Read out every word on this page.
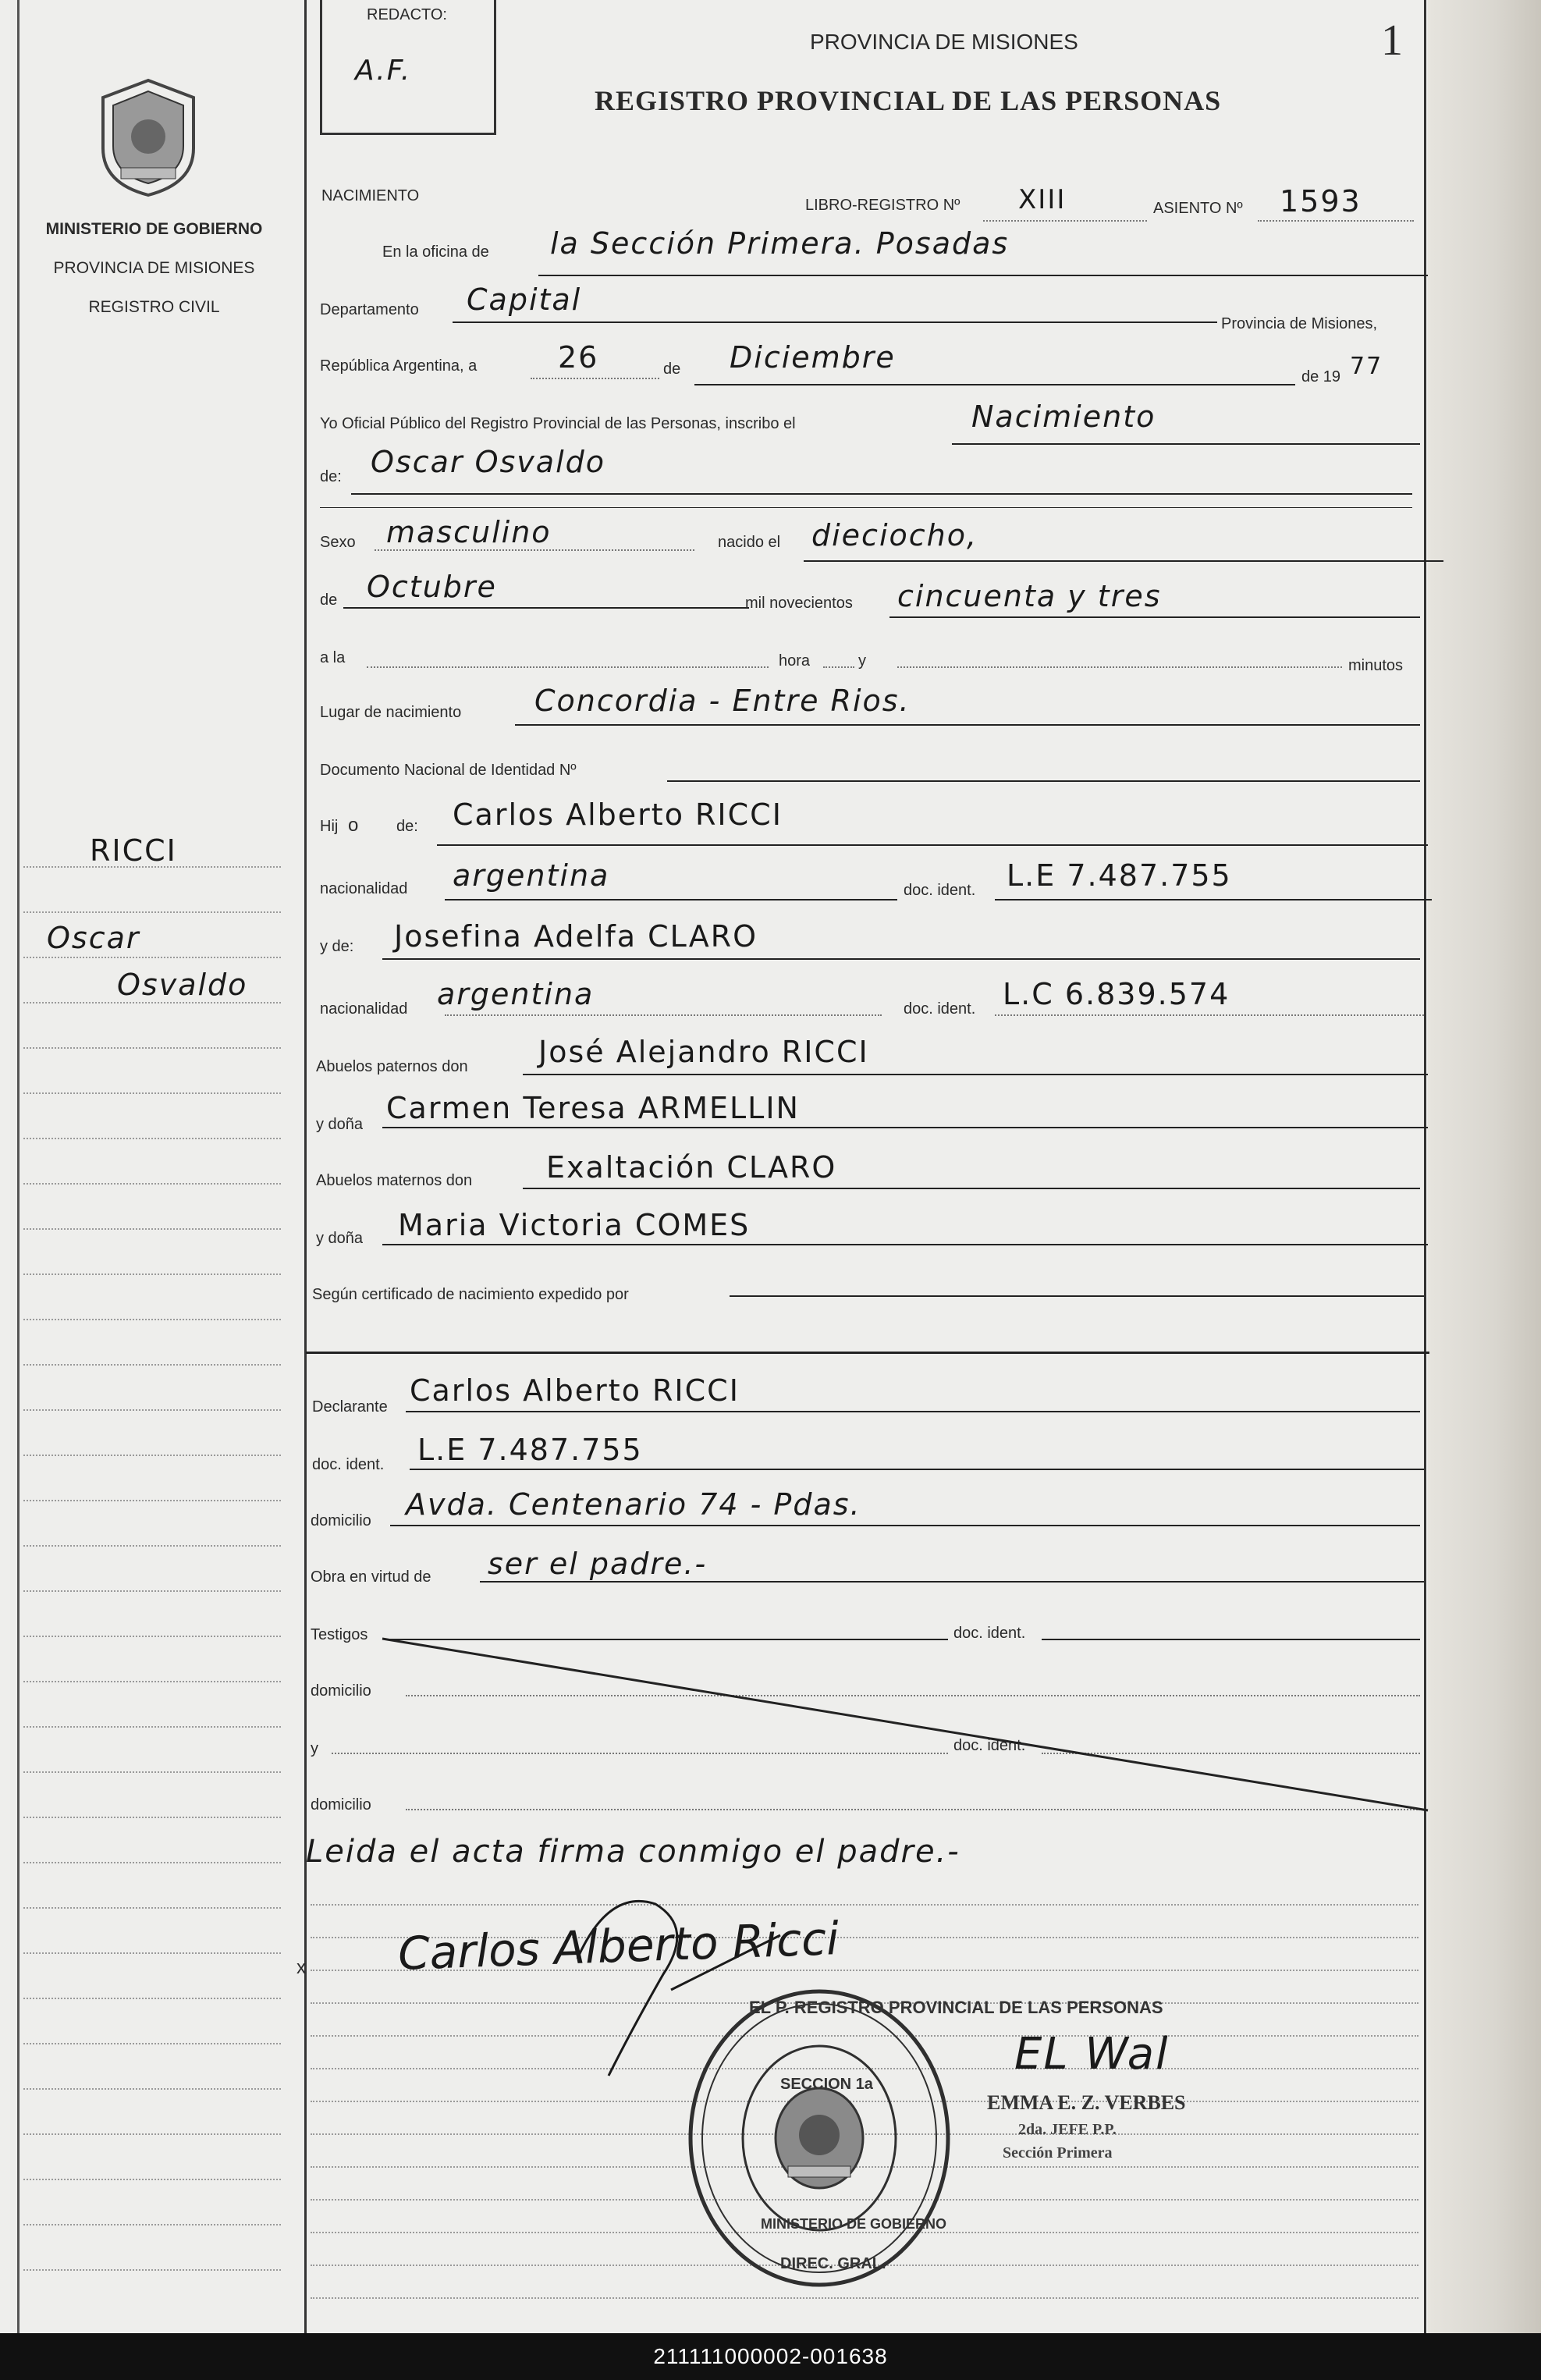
MINISTERIO DE GOBIERNO
PROVINCIA DE MISIONES
REGISTRO CIVIL
RICCI
Oscar
Osvaldo
REDACTO:
A.F.
PROVINCIA DE MISIONES
REGISTRO PROVINCIAL DE LAS PERSONAS
1
NACIMIENTO
LIBRO-REGISTRO Nº XIII	ASIENTO Nº 1593
En la oficina de la Sección Primera. Posadas
Departamento Capital
Provincia de Misiones,
República Argentina, a	26	de Diciembre
de 19 77
Yo Oficial Público del Registro Provincial de las Personas, inscribo el	Nacimiento
de: Oscar Osvaldo
Sexo masculino	nacido el dieciocho,
de Octubre	mil novecientos cincuenta y tres
a la	hora	y	minutos
Lugar de nacimiento Concordia - Entre Rios.
Documento Nacional de Identidad Nº
Hij o de: Carlos Alberto RICCI
nacionalidad argentina	doc. ident. L.E 7.487.755
y de: Josefina Adelfa CLARO
nacionalidad argentina	doc. ident. L.C 6.839.574
Abuelos paternos don José Alejandro RICCI
y doña Carmen Teresa ARMELLIN
Abuelos maternos don Exaltación CLARO
y doña Maria Victoria COMES
Según certificado de nacimiento expedido por
Declarante Carlos Alberto RICCI
doc. ident. L.E 7.487.755
domicilio Avda. Centenario 74 - Pdas.
Obra en virtud de ser el padre.-
Testigos	doc. ident.
domicilio
y	doc. ident.
domicilio
Leida el acta firma conmigo el padre.-
x Carlos Alberto Ricci
EL P. REGISTRO PROVINCIAL DE LAS PERSONAS
SECCION 1a
MINISTERIO DE GOBIERNO
DIREC. GRAL.
EL Wal
EMMA E. Z. VERBES
2da. JEFE P.P.
Sección Primera
211111000002-001638
